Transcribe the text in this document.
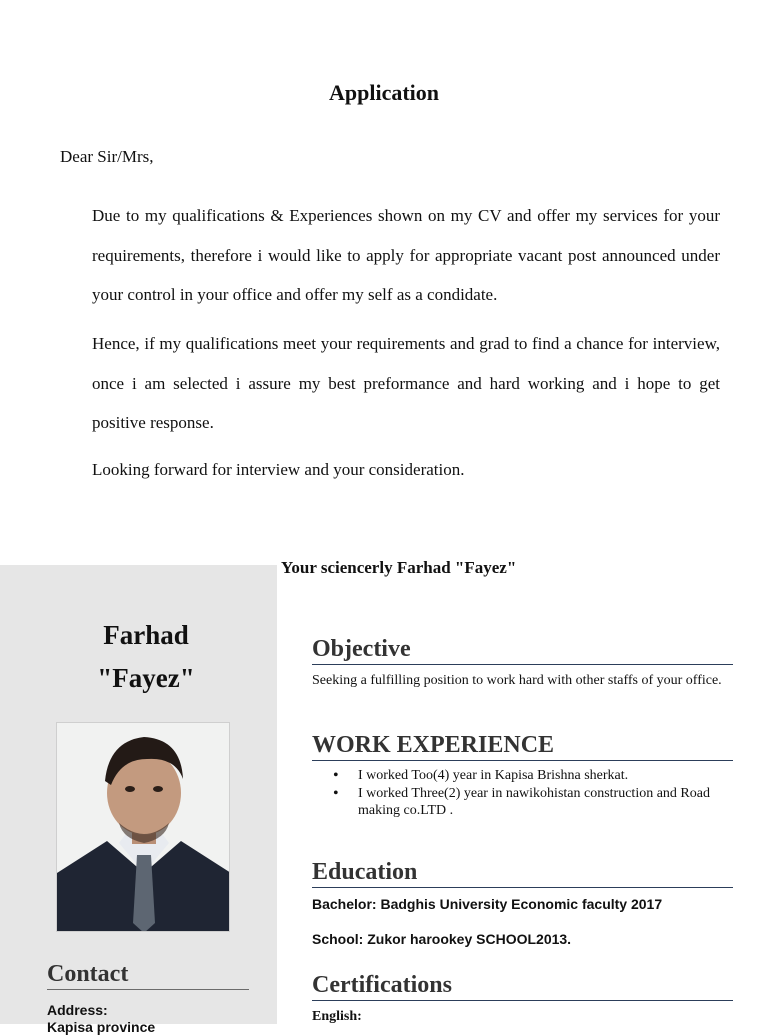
Application
Dear Sir/Mrs,
Due to my qualifications & Experiences shown on my CV and offer my services for your requirements, therefore i would like to apply for appropriate vacant post announced under your control in your office and offer my self as a condidate.
Hence, if my qualifications meet your requirements and grad to find a chance for interview, once i am selected i assure my best preformance and hard working and i hope to get positive response.
Looking forward for interview and your consideration.
Your sciencerly Farhad "Fayez"
Farhad
"Fayez"
Contact
Address:
Kapisa province
Objective
Seeking a fulfilling position to work hard with other staffs of your office.
WORK EXPERIENCE
• I worked Too(4) year in Kapisa Brishna sherkat.
• I worked Three(2) year in nawikohistan construction and Road making co.LTD .
Education
Bachelor: Badghis University Economic faculty 2017
School: Zukor harookey SCHOOL2013.
Certifications
English:
